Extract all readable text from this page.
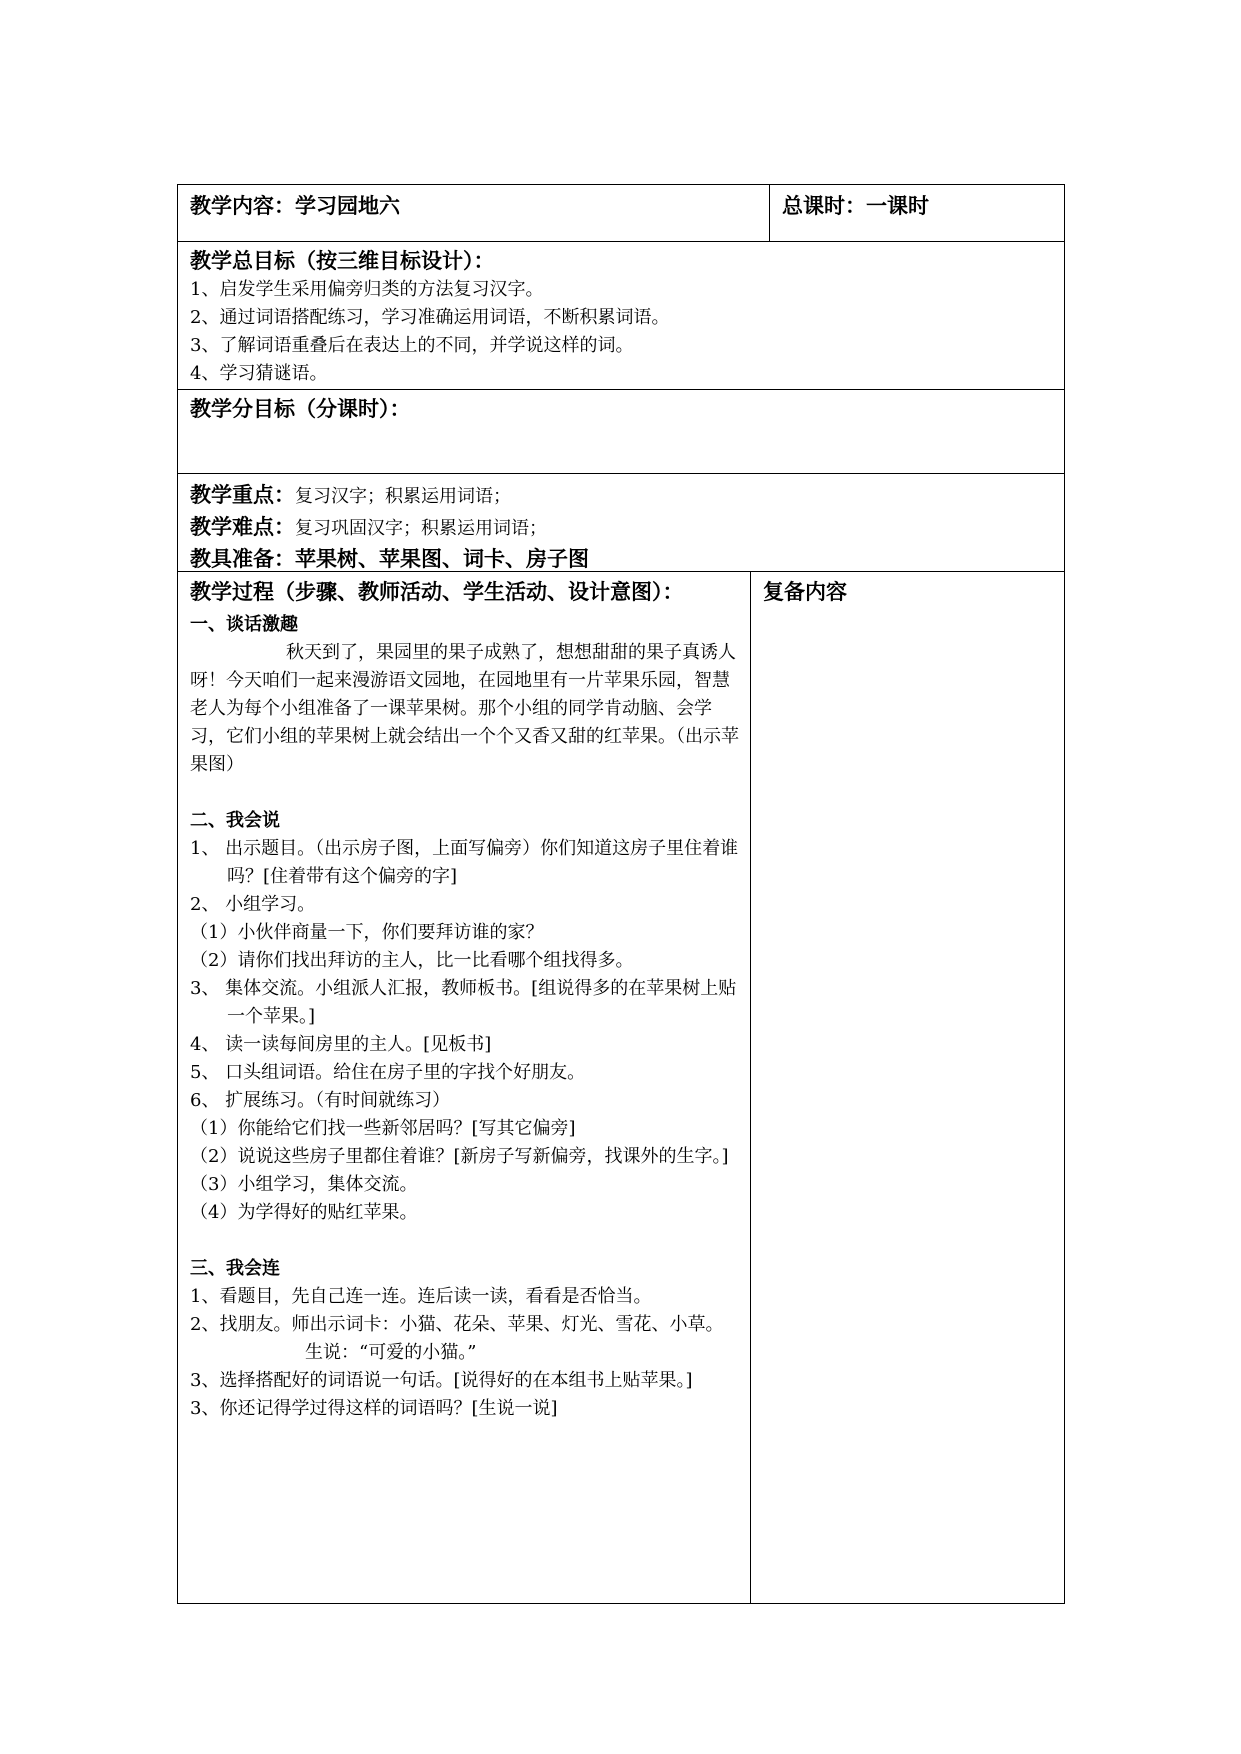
教学内容：学习园地六	总课时：一课时
教学总目标（按三维目标设计）：
1、启发学生采用偏旁归类的方法复习汉字。
2、通过词语搭配练习，学习准确运用词语，不断积累词语。
3、了解词语重叠后在表达上的不同，并学说这样的词。
4、学习猜谜语。
教学分目标（分课时）：
教学重点：复习汉字；积累运用词语；
教学难点：复习巩固汉字；积累运用词语；
教具准备：苹果树、苹果图、词卡、房子图
教学过程（步骤、教师活动、学生活动、设计意图）：
一、谈话激趣
秋天到了，果园里的果子成熟了，想想甜甜的果子真诱人呀！今天咱们一起来漫游语文园地，在园地里有一片苹果乐园，智慧老人为每个小组准备了一课苹果树。那个小组的同学肯动脑、会学习，它们小组的苹果树上就会结出一个个又香又甜的红苹果。（出示苹果图）
二、我会说
1、 出示题目。（出示房子图，上面写偏旁）你们知道这房子里住着谁吗？[住着带有这个偏旁的字]
2、 小组学习。
（1）小伙伴商量一下，你们要拜访谁的家？
（2）请你们找出拜访的主人，比一比看哪个组找得多。
3、 集体交流。小组派人汇报，教师板书。[组说得多的在苹果树上贴一个苹果。]
4、 读一读每间房里的主人。[见板书]
5、 口头组词语。给住在房子里的字找个好朋友。
6、 扩展练习。（有时间就练习）
（1）你能给它们找一些新邻居吗？[写其它偏旁]
（2）说说这些房子里都住着谁？[新房子写新偏旁，找课外的生字。]
（3）小组学习，集体交流。
（4）为学得好的贴红苹果。
三、我会连
1、看题目，先自己连一连。连后读一读，看看是否恰当。
2、找朋友。师出示词卡：小猫、花朵、苹果、灯光、雪花、小草。
生说：“可爱的小猫。”
3、选择搭配好的词语说一句话。[说得好的在本组书上贴苹果。]
3、你还记得学过得这样的词语吗？[生说一说]
复备内容
